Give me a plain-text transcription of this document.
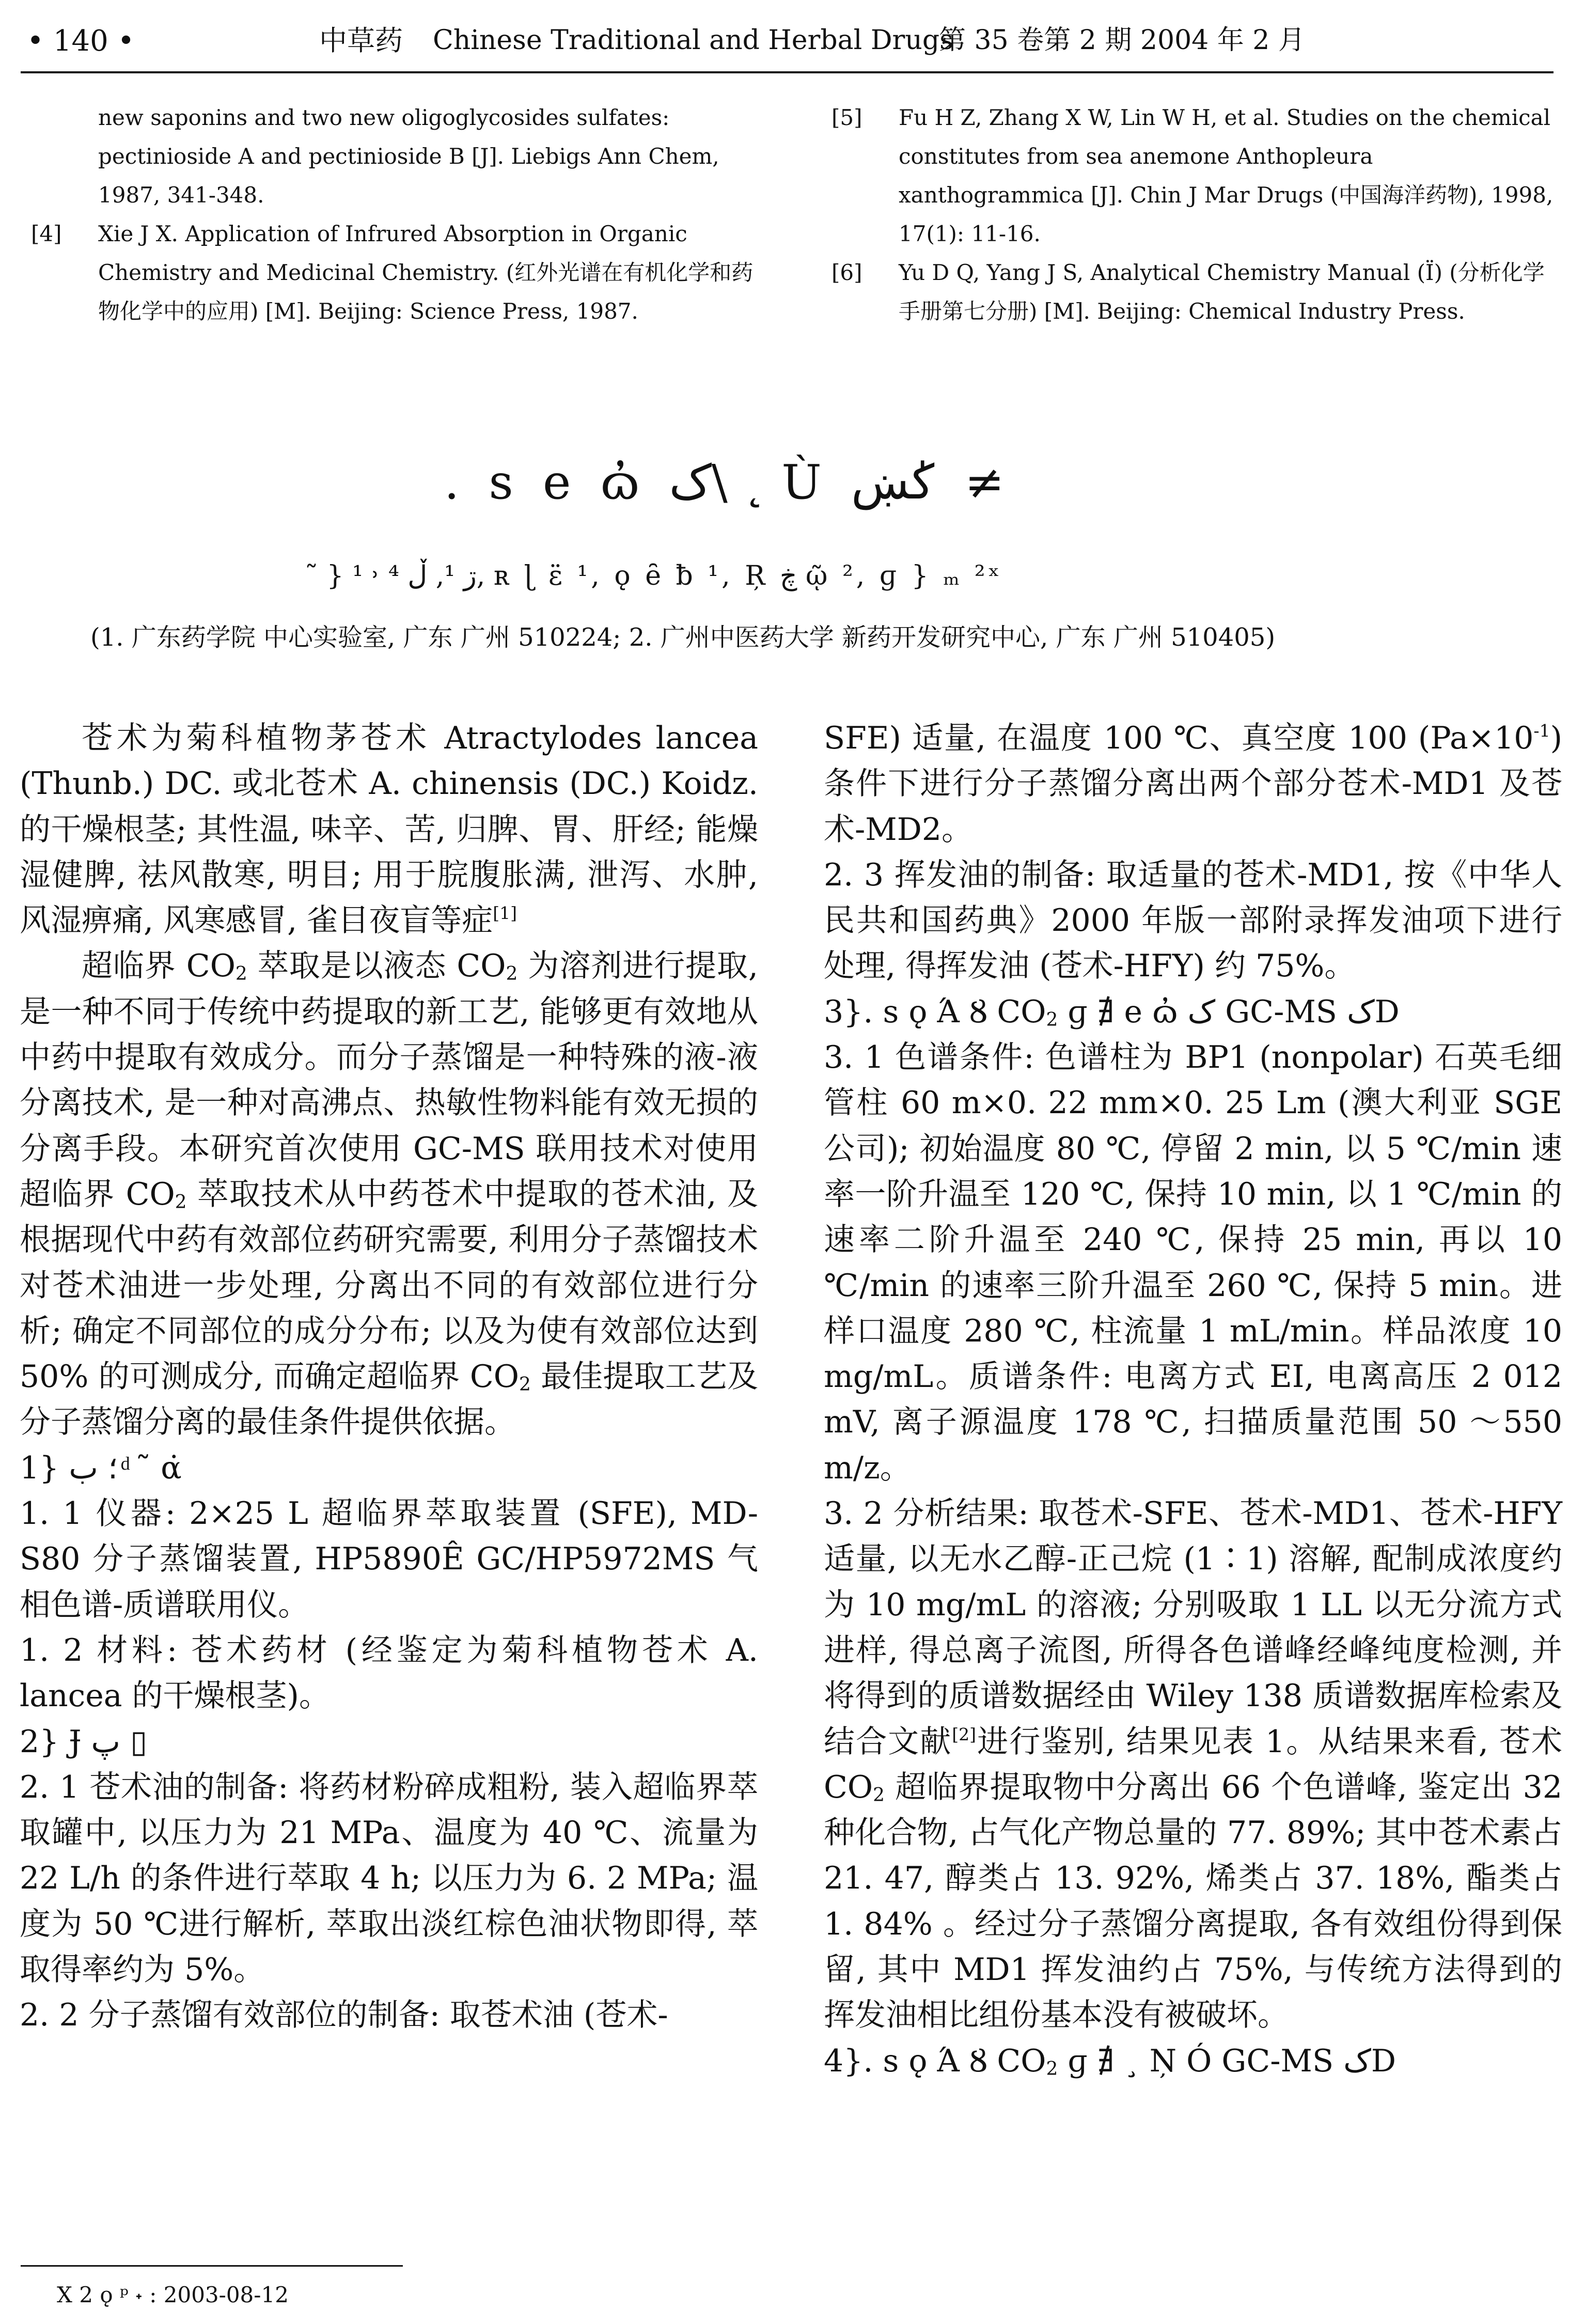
• 140 •	中草药 Chinese Traditional and Herbal Drugs
第 35 卷第 2 期 2004 年 2 月
new saponins and two new oligoglycosides sulfates: pectinioside A and pectinioside B [J]. Liebigs Ann Chem, 1987, 341-348.
[4] Xie J X. Application of Infrured Absorption in Organic Chemistry and Medicinal Chemistry. (红外光谱在有机化学和药物化学中的应用) [M]. Beijing: Science Press, 1987.
[5] Fu H Z, Zhang X W, Lin W H, et al. Studies on the chemical constitutes from sea anemone Anthopleura xanthogrammica [J]. Chin J Mar Drugs (中国海洋药物), 1998, 17(1): 11-16.
[6] Yu D Q, Yang J S, Analytical Chemistry Manual (Ï) (分析化学手册第七分册) [M]. Beijing: Chemical Industry Press.
. s e ɷ̓ ک\ ˛ Ù کښ ̍ ≠
˜ } ڗ ¹, ڵ ⁴ ˒ ¹, ʀ ɭ ɛ̈ ¹, ǫ ȇ ƀ ¹, Ŗ ڿ ῷ ², ɡ } ₘ ²ˣ
(1. 广东药学院 中心实验室, 广东 广州 510224; 2. 广州中医药大学 新药开发研究中心, 广东 广州 510405)

苍术为菊科植物茅苍术 Atractylodes lancea (Thunb.) DC. 或北苍术 A. chinensis (DC.) Koidz. 的干燥根茎; 其性温, 味辛、苦, 归脾、胃、肝经; 能燥湿健脾, 祛风散寒, 明目; 用于脘腹胀满, 泄泻、水肿, 风湿痹痛, 风寒感冒, 雀目夜盲等症[1]

超临界 $CO_2$ 萃取是以液态 $CO_2$ 为溶剂进行提取, 是一种不同于传统中药提取的新工艺, 能够更有效地从中药中提取有效成分。而分子蒸馏是一种特殊的液-液分离技术, 是一种对高沸点、热敏性物料能有效无损的分离手段。本研究首次使用 GC-MS 联用技术对使用超临界 $CO_2$ 萃取技术从中药苍术中提取的苍术油, 及根据现代中药有效部位药研究需要, 利用分子蒸馏技术对苍术油进一步处理, 分离出不同的有效部位进行分析; 确定不同部位的成分分布; 以及为使有效部位达到 50% 的可测成分, 而确定超临界 $CO_2$ 最佳提取工艺及分子蒸馏分离的最佳条件提供依据。

1} ؛ ب ͩ ˜ α̇

1. 1 仪器: 2×25 L 超临界萃取装置 (SFE), MD-S80 分子蒸馏装置, HP5890Ê GC/HP5972MS 气相色谱-质谱联用仪。

1. 2 材料: 苍术药材 (经鉴定为菊科植物苍术 A. lancea 的干燥根茎)。

2} Ɉ ﭖ ▯

2. 1 苍术油的制备: 将药材粉碎成粗粉, 装入超临界萃取罐中, 以压力为 21 MPa、温度为 40 ℃、流量为 22 L/h 的条件进行萃取 4 h; 以压力为 6. 2 MPa; 温度为 50 ℃进行解析, 萃取出淡红棕色油状物即得, 萃取得率约为 5%。

2. 2 分子蒸馏有效部位的制备: 取苍术油 (苍术-

SFE) 适量, 在温度 100 ℃、真空度 100 $(Pa\times 10^{-1})$ 条件下进行分子蒸馏分离出两个部分苍术-MD1 及苍术-MD2。

2. 3 挥发油的制备: 取适量的苍术-MD1, 按《中华人民共和国药典》2000 年版一部附录挥发油项下进行处理, 得挥发油 (苍术-HFY) 约 75%。

3}. s ǫ Ά Ȣ $CO_2$ ɡ ∄ e ɷ̓ ک GC-MS کD

3. 1 色谱条件: 色谱柱为 BP1 (nonpolar) 石英毛细管柱 60 m×0. 22 mm×0. 25 Lm (澳大利亚 SGE 公司); 初始温度 80 ℃, 停留 2 min, 以 5 ℃/min 速率一阶升温至 120 ℃, 保持 10 min, 以 1 ℃/min 的速率二阶升温至 240 ℃, 保持 25 min, 再以 10 ℃/min 的速率三阶升温至 260 ℃, 保持 5 min。进样口温度 280 ℃, 柱流量 1 mL/min。样品浓度 10 mg/mL。质谱条件: 电离方式 EI, 电离高压 2 012 mV, 离子源温度 178 ℃, 扫描质量范围 50 ～550 m/z。

3. 2 分析结果: 取苍术-SFE、苍术-MD1、苍术-HFY 适量, 以无水乙醇-正己烷 (1∶1) 溶解, 配制成浓度约为 10 mg/mL 的溶液; 分别吸取 1 LL 以无分流方式进样, 得总离子流图, 所得各色谱峰经峰纯度检测, 并将得到的质谱数据经由 Wiley 138 质谱数据库检索及结合文献[2]进行鉴别, 结果见表 1。从结果来看, 苍术 $CO_2$ 超临界提取物中分离出 66 个色谱峰, 鉴定出 32 种化合物, 占气化产物总量的 77. 89%; 其中苍术素占 21. 47, 醇类占 13. 92%, 烯类占 37. 18%, 酯类占 1. 84% 。经过分子蒸馏分离提取, 各有效组份得到保留, 其中 MD1 挥发油约占 75%, 与传统方法得到的挥发油相比组份基本没有被破坏。

4}. s ǫ Ά Ȣ $CO_2$ ɡ ∄ ¸ Ņ Ó GC-MS کD

X 2 ǫ ᵖ ˖ : 2003-08-12
